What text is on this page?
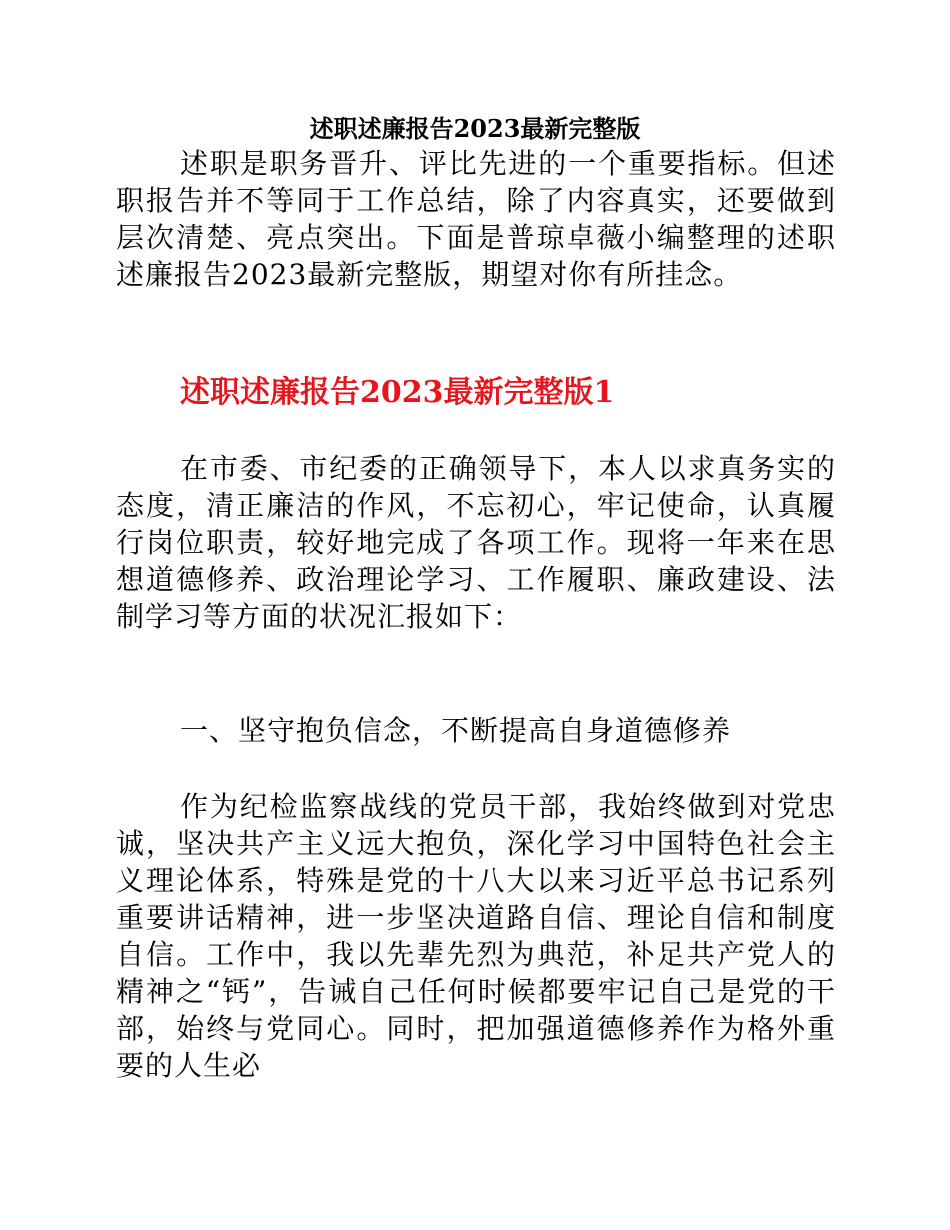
述职述廉报告2023最新完整版
述职是职务晋升、评比先进的一个重要指标。但述职报告并不等同于工作总结，除了内容真实，还要做到层次清楚、亮点突出。下面是普琼卓薇小编整理的述职述廉报告2023最新完整版，期望对你有所挂念。
述职述廉报告2023最新完整版1
在市委、市纪委的正确领导下，本人以求真务实的态度，清正廉洁的作风，不忘初心，牢记使命，认真履行岗位职责，较好地完成了各项工作。现将一年来在思想道德修养、政治理论学习、工作履职、廉政建设、法制学习等方面的状况汇报如下：
一、坚守抱负信念，不断提高自身道德修养
作为纪检监察战线的党员干部，我始终做到对党忠诚，坚决共产主义远大抱负，深化学习中国特色社会主义理论体系，特殊是党的十八大以来习近平总书记系列重要讲话精神，进一步坚决道路自信、理论自信和制度自信。工作中，我以先辈先烈为典范，补足共产党人的精神之“钙”，告诫自己任何时候都要牢记自己是党的干部，始终与党同心。同时，把加强道德修养作为格外重要的人生必
